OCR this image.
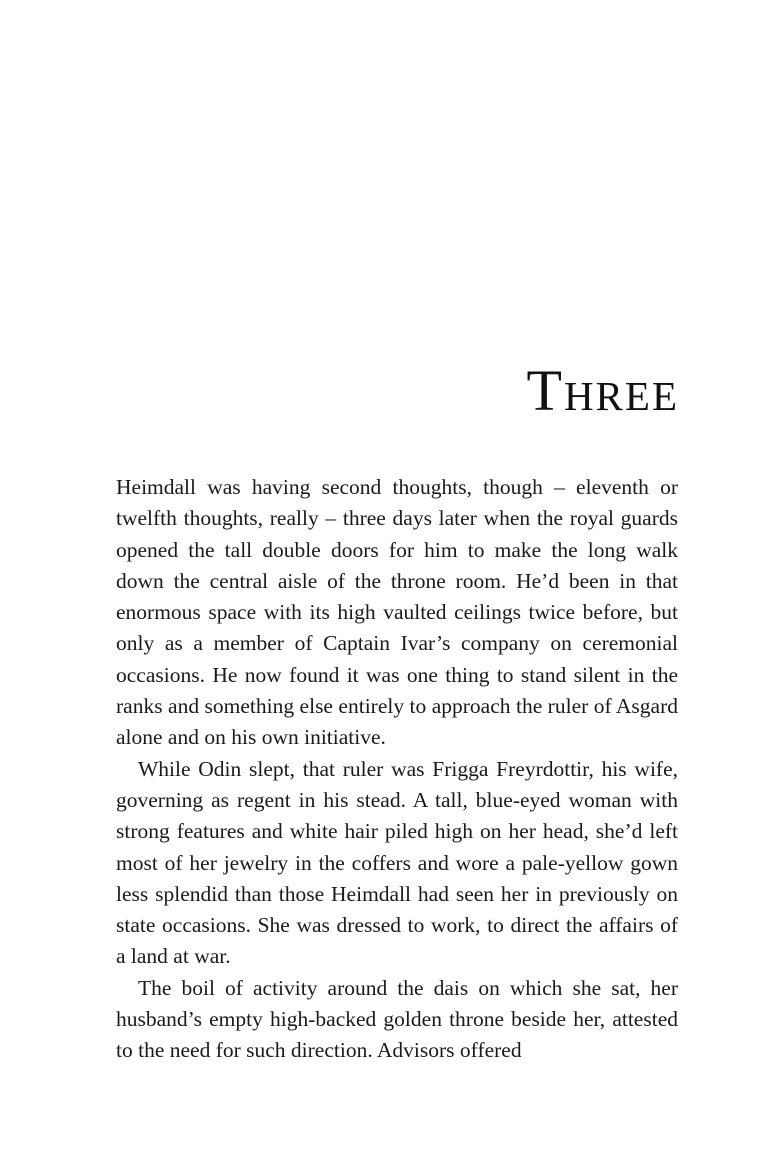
Three

Heimdall was having second thoughts, though – eleventh or twelfth thoughts, really – three days later when the royal guards opened the tall double doors for him to make the long walk down the central aisle of the throne room. He’d been in that enormous space with its high vaulted ceilings twice before, but only as a member of Captain Ivar’s company on ceremonial occasions. He now found it was one thing to stand silent in the ranks and something else entirely to approach the ruler of Asgard alone and on his own initiative.

While Odin slept, that ruler was Frigga Freyrdottir, his wife, governing as regent in his stead. A tall, blue-eyed woman with strong features and white hair piled high on her head, she’d left most of her jewelry in the coffers and wore a pale-yellow gown less splendid than those Heimdall had seen her in previously on state occasions. She was dressed to work, to direct the affairs of a land at war.

The boil of activity around the dais on which she sat, her husband’s empty high-backed golden throne beside her, attested to the need for such direction. Advisors offered
